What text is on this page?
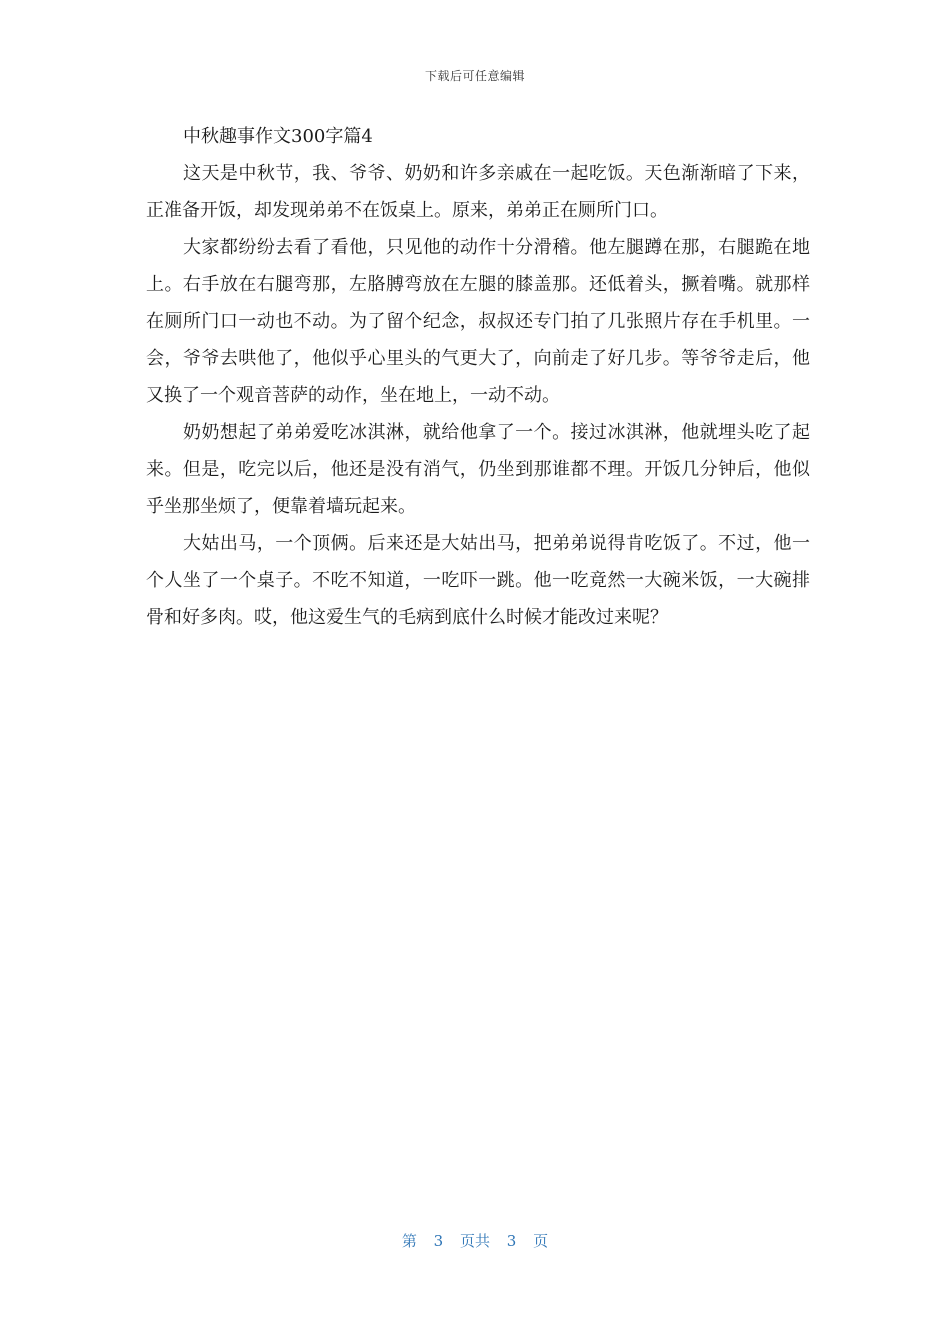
下载后可任意编辑

中秋趣事作文300字篇4

这天是中秋节，我、爷爷、奶奶和许多亲戚在一起吃饭。天色渐渐暗了下来，正准备开饭，却发现弟弟不在饭桌上。原来，弟弟正在厕所门口。

大家都纷纷去看了看他，只见他的动作十分滑稽。他左腿蹲在那，右腿跪在地上。右手放在右腿弯那，左胳膊弯放在左腿的膝盖那。还低着头，撅着嘴。就那样在厕所门口一动也不动。为了留个纪念，叔叔还专门拍了几张照片存在手机里。一会，爷爷去哄他了，他似乎心里头的气更大了，向前走了好几步。等爷爷走后，他又换了一个观音菩萨的动作，坐在地上，一动不动。

奶奶想起了弟弟爱吃冰淇淋，就给他拿了一个。接过冰淇淋，他就埋头吃了起来。但是，吃完以后，他还是没有消气，仍坐到那谁都不理。开饭几分钟后，他似乎坐那坐烦了，便靠着墙玩起来。

大姑出马，一个顶俩。后来还是大姑出马，把弟弟说得肯吃饭了。不过，他一个人坐了一个桌子。不吃不知道，一吃吓一跳。他一吃竟然一大碗米饭，一大碗排骨和好多肉。哎，他这爱生气的毛病到底什么时候才能改过来呢？

第 3 页共 3 页
